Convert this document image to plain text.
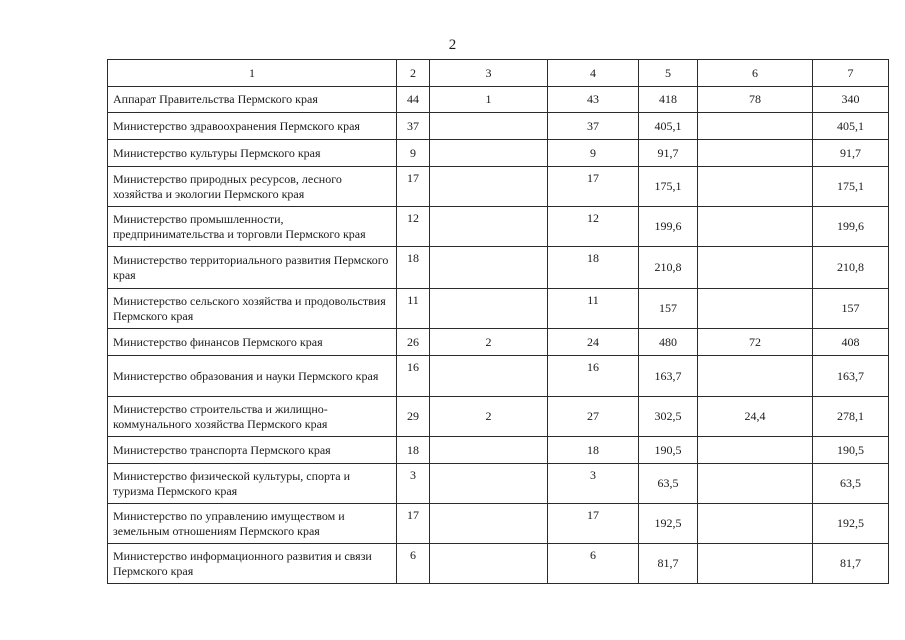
2
1	2	3	4	5	6	7

Аппарат Правительства Пермского края	44	1	43	418	78	340

Министерство здравоохранения Пермского края	37		37	405,1		405,1

Министерство культуры Пермского края	9		9	91,7		91,7

Министерство природных ресурсов, лесного хозяйства и экологии Пермского края	17		17	175,1		175,1

Министерство промышленности, предпринимательства и торговли Пермского края	12		12	199,6		199,6

Министерство территориального развития Пермского края	18		18	210,8		210,8

Министерство сельского хозяйства и продовольствия Пермского края	11		11	157		157

Министерство финансов Пермского края	26	2	24	480	72	408

Министерство образования и науки Пермского края	16		16	163,7		163,7

Министерство строительства и жилищно-коммунального хозяйства Пермского края	29	2	27	302,5	24,4	278,1

Министерство транспорта Пермского края	18		18	190,5		190,5

Министерство физической культуры, спорта и туризма Пермского края	3		3	63,5		63,5

Министерство по управлению имуществом и земельным отношениям Пермского края	17		17	192,5		192,5

Министерство информационного развития и связи Пермского края	6		6	81,7		81,7
